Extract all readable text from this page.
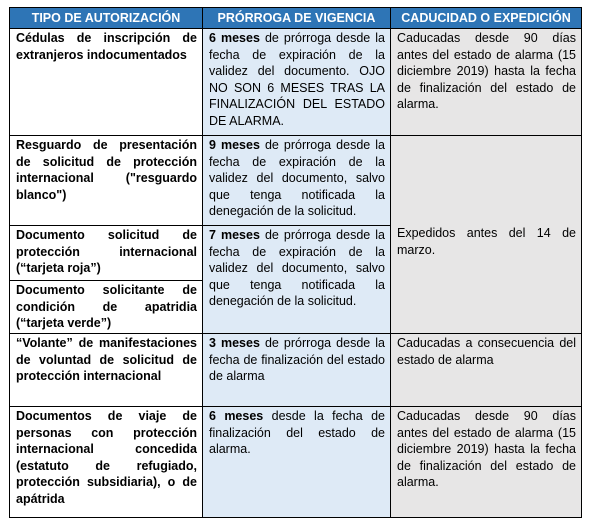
TIPO DE AUTORIZACIÓN	PRÓRROGA DE VIGENCIA	CADUCIDAD O EXPEDICIÓN
Cédulas de inscripción de extranjeros indocumentados	6 meses de prórroga desde la fecha de expiración de la validez del documento. OJO NO SON 6 MESES TRAS LA FINALIZACIÓN DEL ESTADO DE ALARMA.	Caducadas desde 90 días antes del estado de alarma (15 diciembre 2019) hasta la fecha de finalización del estado de alarma.
Resguardo de presentación de solicitud de protección internacional ("resguardo blanco")	9 meses de prórroga desde la fecha de expiración de la validez del documento, salvo que tenga notificada la denegación de la solicitud.	Expedidos antes del 14 de marzo.

Documento solicitud de protección internacional (“tarjeta roja”)	7 meses de prórroga desde la fecha de expiración de la validez del documento, salvo que tenga notificada la denegación de la solicitud.	
Documento solicitante de condición de apatridia (“tarjeta verde”)		
“Volante” de manifestaciones de voluntad de solicitud de protección internacional	3 meses de prórroga desde la fecha de finalización del estado de alarma	Caducadas a consecuencia del estado de alarma
Documentos de viaje de personas con protección internacional concedida (estatuto de refugiado, protección subsidiaria), o de apátrida	6 meses desde la fecha de finalización del estado de alarma.	Caducadas desde 90 días antes del estado de alarma (15 diciembre 2019) hasta la fecha de finalización del estado de alarma.
